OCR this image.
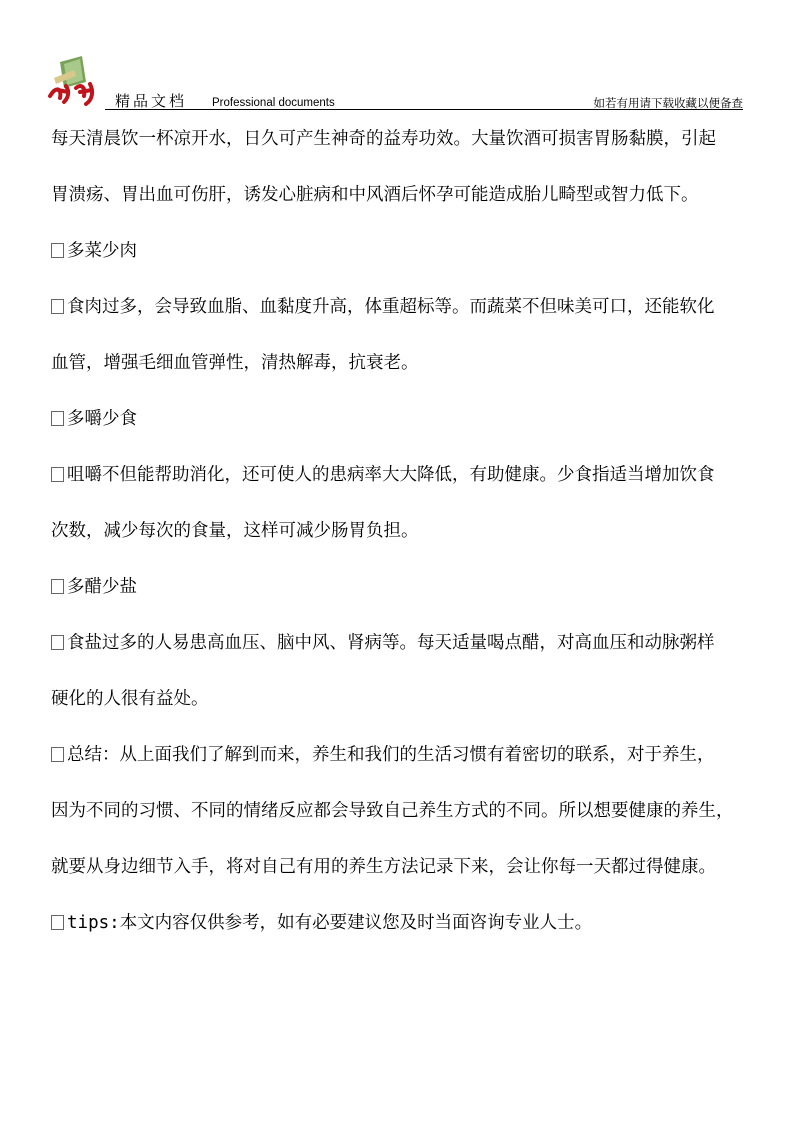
精品文档 Professional documents	如若有用请下载收藏以便备查

每天清晨饮一杯凉开水，日久可产生神奇的益寿功效。大量饮酒可损害胃肠黏膜，引起

胃溃疡、胃出血可伤肝，诱发心脏病和中风酒后怀孕可能造成胎儿畸型或智力低下。

多菜少肉

食肉过多，会导致血脂、血黏度升高，体重超标等。而蔬菜不但味美可口，还能软化

血管，增强毛细血管弹性，清热解毒，抗衰老。

多嚼少食

咀嚼不但能帮助消化，还可使人的患病率大大降低，有助健康。少食指适当增加饮食

次数，减少每次的食量，这样可减少肠胃负担。

多醋少盐

食盐过多的人易患高血压、脑中风、肾病等。每天适量喝点醋，对高血压和动脉粥样

硬化的人很有益处。

总结：从上面我们了解到而来，养生和我们的生活习惯有着密切的联系，对于养生，

因为不同的习惯、不同的情绪反应都会导致自己养生方式的不同。所以想要健康的养生，

就要从身边细节入手，将对自己有用的养生方法记录下来，会让你每一天都过得健康。

tips:本文内容仅供参考，如有必要建议您及时当面咨询专业人士。
